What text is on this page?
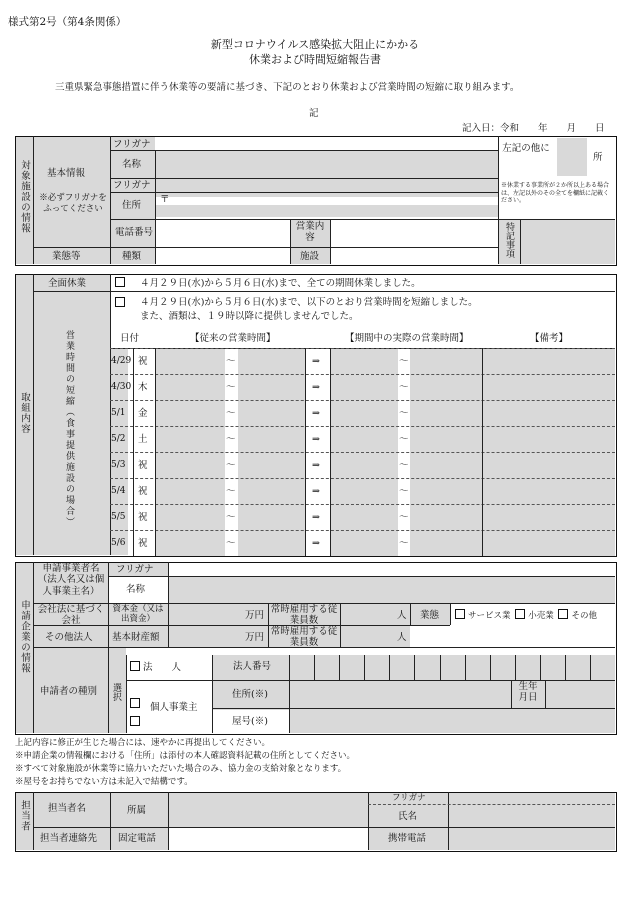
様式第2号（第4条関係）
新型コロナウイルス感染拡大阻止にかかる
休業および時間短縮報告書
三重県緊急事態措置に伴う休業等の要請に基づき、下記のとおり休業および営業時間の短縮に取り組みます。
記
記入日：令和　　年　　月　　日
対象施設の情報 基本情報
※必ずフリガナをふってください
フリガナ
名称
フリガナ
住所
〒
電話番号
営業内容	特記事項
左記の他に
所
※休業する事業所が２か所以上ある場合は、左記以外のその全てを欄紙に記載ください。
業態等	種類	施設
取組内容
全面休業	４月２９日(水)から５月６日(水)まで、全ての期間休業しました。
営業時間の短縮（食事提供施設の場合）
４月２９日(水)から５月６日(水)まで、以下のとおり営業時間を短縮しました。
また、酒類は、１９時以降に提供しませんでした。
日付	【従来の営業時間】	【期間中の実際の営業時間】	【備考】
4/29 祝	～	⇒	～
4/30 木	～	⇒	～
5/1 金	～	⇒	～
5/2 土	～	⇒	～
5/3 祝	～	⇒	～
5/4 祝	～	⇒	～
5/5 祝	～	⇒	～
5/6 祝	～	⇒	～
申請企業の情報
申請事業者名（法人名又は個人事業主名）
フリガナ
名称
会社法に基づく会社
資本金（又は出資金）	万円
常時雇用する従業員数	人 業態	サービス業 小売業 その他
その他法人 基本財産額	万円
常時雇用する従業員数	人
申請者の種別 選択
法　　人	法人番号
個人事業主
住所(※)
生年月日
屋号(※)
上記内容に修正が生じた場合には、速やかに再提出してください。
※申請企業の情報欄における「住所」は添付の本人確認資料記載の住所としてください。
※すべて対象施設が休業等に協力いただいた場合のみ、協力金の支給対象となります。
※屋号をお持ちでない方は未記入で結構です。
担当者 担当者名	所属
フリガナ
氏名
担当者連絡先 固定電話	携帯電話
